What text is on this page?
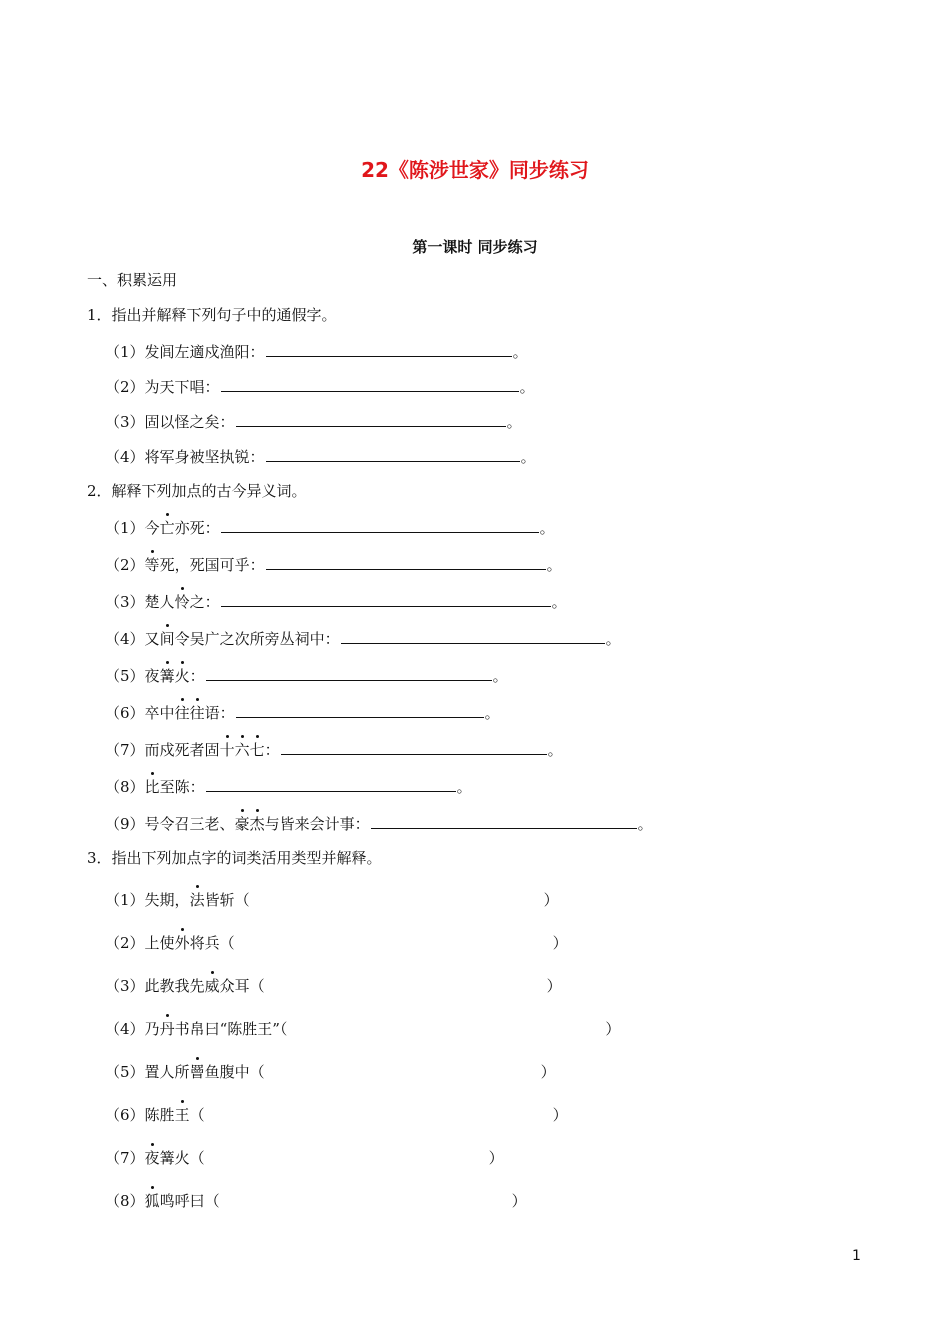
22《陈涉世家》同步练习
第一课时 同步练习
一、积累运用
1．指出并解释下列句子中的通假字。
（1）发闾左適戍渔阳：	。
（2）为天下唱：	。
（3）固以怪之矣：	。
（4）将军身被坚执锐：	。
2．解释下列加点的古今异义词。
（1）今亡亦死：	。
（2）等死，死国可乎：	。
（3）楚人怜之：	。
（4）又间令吴广之次所旁丛祠中：	。
（5）夜篝火：	。
（6）卒中往往语：	。
（7）而戍死者固十六七：	。
（8）比至陈：	。
（9）号令召三老、豪杰与皆来会计事：	。
3．指出下列加点字的词类活用类型并解释。
（1）失期，法皆斩（	）
（2）上使外将兵（	）
（3）此教我先威众耳（	）
（4）乃丹书帛曰“陈胜王”（	）
（5）置人所罾鱼腹中（	）
（6）陈胜王（	）
（7）夜篝火（	）
（8）狐鸣呼曰（	）
1
